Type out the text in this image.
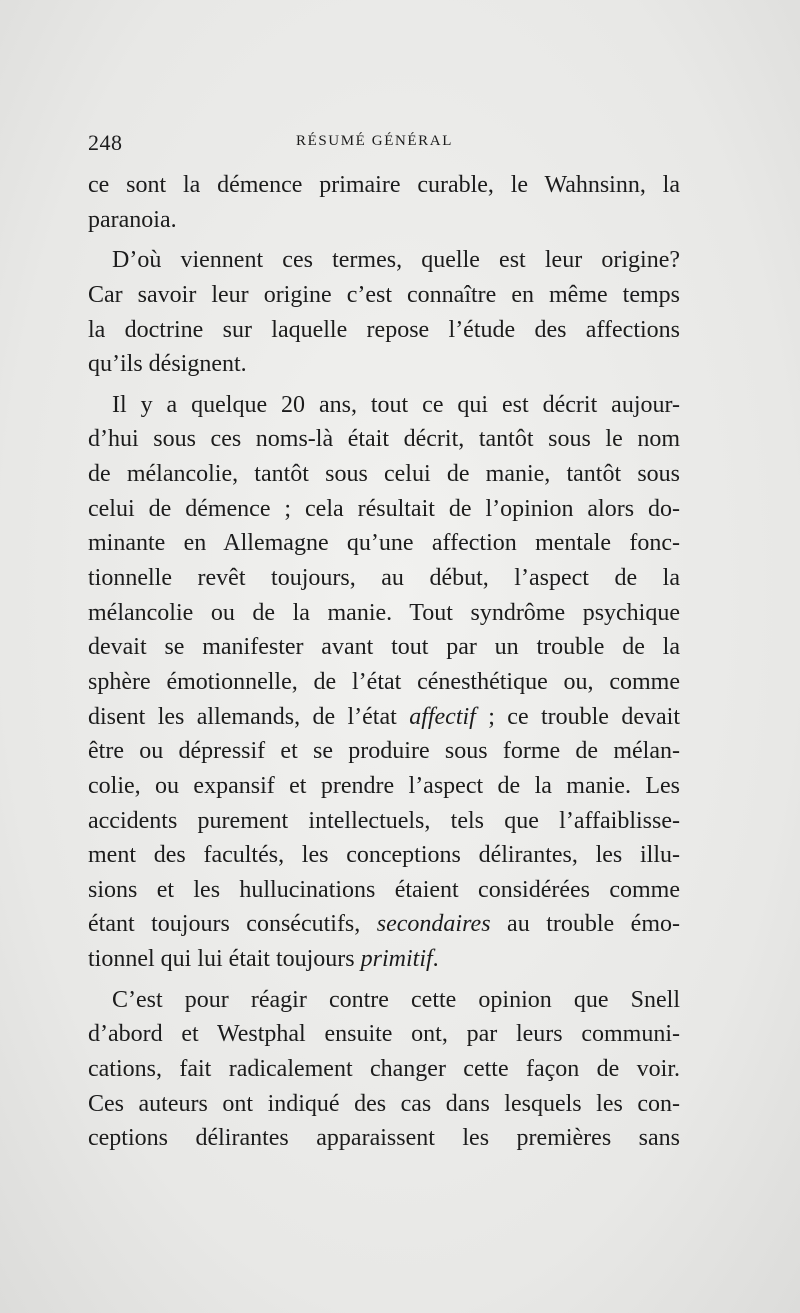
248	RÉSUMÉ GÉNÉRAL
ce sont la démence primaire curable, le Wahnsinn, la
paranoia.
D’où viennent ces termes, quelle est leur origine?
Car savoir leur origine c’est connaître en même temps
la doctrine sur laquelle repose l’étude des affections
qu’ils désignent.
Il y a quelque 20 ans, tout ce qui est décrit aujour-
d’hui sous ces noms-là était décrit, tantôt sous le nom
de mélancolie, tantôt sous celui de manie, tantôt sous
celui de démence ; cela résultait de l’opinion alors do-
minante en Allemagne qu’une affection mentale fonc-
tionnelle revêt toujours, au début, l’aspect de la
mélancolie ou de la manie. Tout syndrôme psychique
devait se manifester avant tout par un trouble de la
sphère émotionnelle, de l’état cénesthétique ou, comme
disent les allemands, de l’état affectif ; ce trouble devait
être ou dépressif et se produire sous forme de mélan-
colie, ou expansif et prendre l’aspect de la manie. Les
accidents purement intellectuels, tels que l’affaiblisse-
ment des facultés, les conceptions délirantes, les illu-
sions et les hullucinations étaient considérées comme
étant toujours consécutifs, secondaires au trouble émo-
tionnel qui lui était toujours primitif.
C’est pour réagir contre cette opinion que Snell
d’abord et Westphal ensuite ont, par leurs communi-
cations, fait radicalement changer cette façon de voir.
Ces auteurs ont indiqué des cas dans lesquels les con-
ceptions délirantes apparaissent les premières sans
